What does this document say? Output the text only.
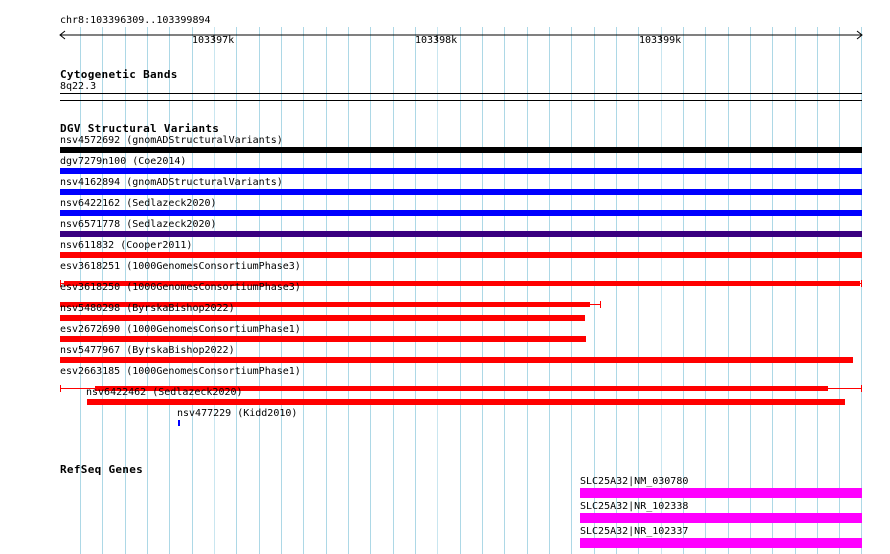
chr8:103396309..103399894
103397k	103398k	103399k
Cytogenetic Bands
8q22.3
DGV Structural Variants
nsv4572692 (gnomADStructuralVariants)
dgv7279n100 (Coe2014)
nsv4162894 (gnomADStructuralVariants)
nsv6422162 (Sedlazeck2020)
nsv6571778 (Sedlazeck2020)
nsv611832 (Cooper2011)
esv3618251 (1000GenomesConsortiumPhase3)
esv3618250 (1000GenomesConsortiumPhase3)
nsv5480298 (ByrskaBishop2022)
esv2672690 (1000GenomesConsortiumPhase1)
nsv5477967 (ByrskaBishop2022)
esv2663185 (1000GenomesConsortiumPhase1)
nsv6422462 (Sedlazeck2020)
nsv477229 (Kidd2010)
RefSeq Genes
SLC25A32|NM_030780
SLC25A32|NR_102338
SLC25A32|NR_102337
